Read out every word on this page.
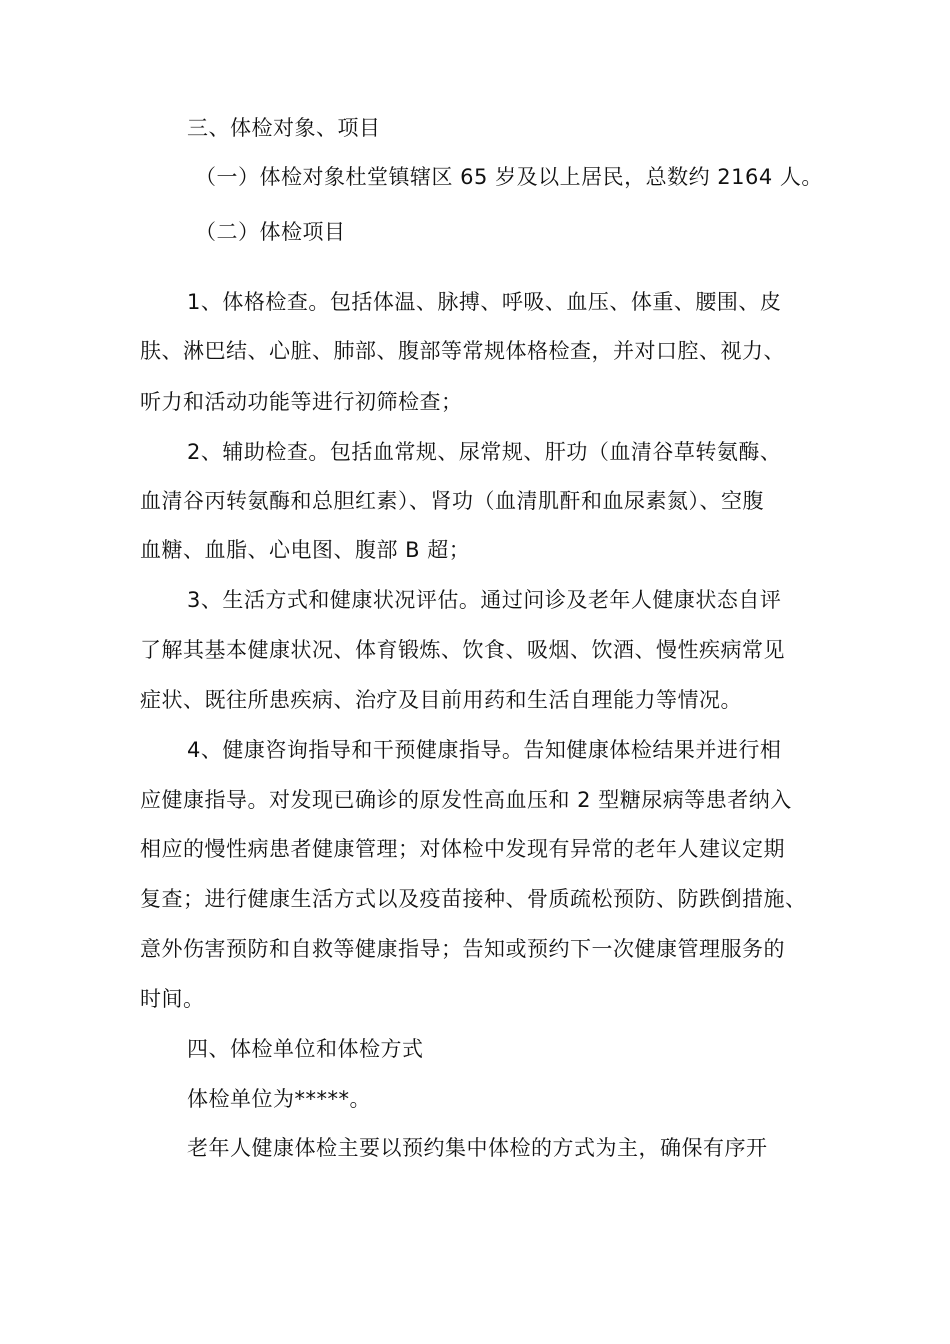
三、体检对象、项目
（一）体检对象杜堂镇辖区 65 岁及以上居民，总数约 2164 人。
（二）体检项目
1、体格检查。包括体温、脉搏、呼吸、血压、体重、腰围、皮
肤、淋巴结、心脏、肺部、腹部等常规体格检查，并对口腔、视力、
听力和活动功能等进行初筛检查；
2、辅助检查。包括血常规、尿常规、肝功（血清谷草转氨酶、
血清谷丙转氨酶和总胆红素）、肾功（血清肌酐和血尿素氮）、空腹
血糖、血脂、心电图、腹部 B 超；
3、生活方式和健康状况评估。通过问诊及老年人健康状态自评
了解其基本健康状况、体育锻炼、饮食、吸烟、饮酒、慢性疾病常见
症状、既往所患疾病、治疗及目前用药和生活自理能力等情况。
4、健康咨询指导和干预健康指导。告知健康体检结果并进行相
应健康指导。对发现已确诊的原发性高血压和 2 型糖尿病等患者纳入
相应的慢性病患者健康管理；对体检中发现有异常的老年人建议定期
复查；进行健康生活方式以及疫苗接种、骨质疏松预防、防跌倒措施、
意外伤害预防和自救等健康指导；告知或预约下一次健康管理服务的
时间。
四、体检单位和体检方式
体检单位为*****。
老年人健康体检主要以预约集中体检的方式为主，确保有序开
